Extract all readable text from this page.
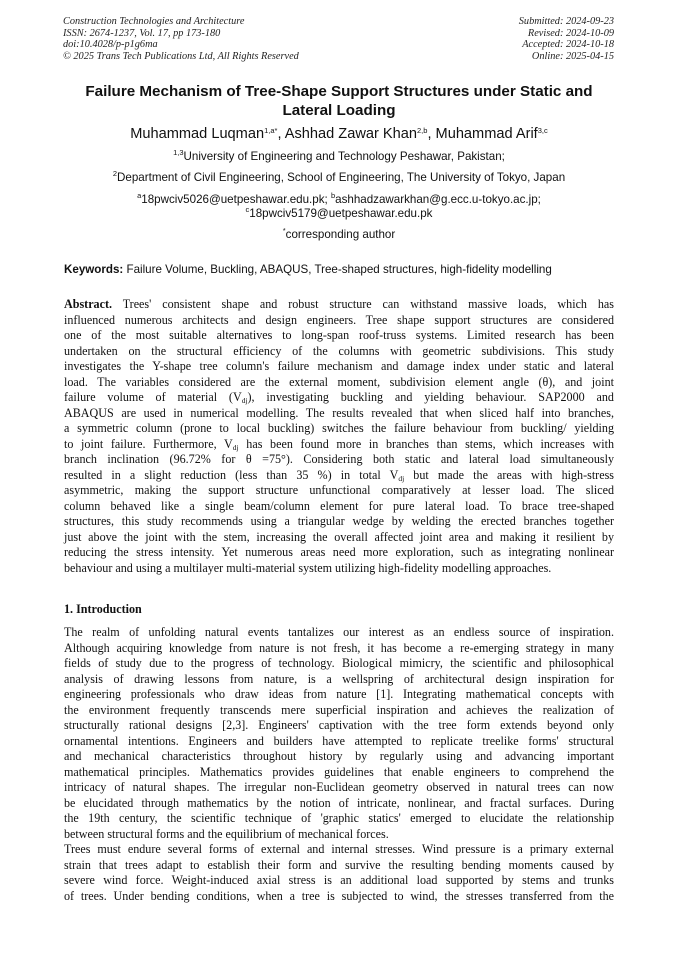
Construction Technologies and Architecture
ISSN: 2674-1237, Vol. 17, pp 173-180
doi:10.4028/p-p1g6ma
© 2025 Trans Tech Publications Ltd, All Rights Reserved
Submitted: 2024-09-23
Revised: 2024-10-09
Accepted: 2024-10-18
Online: 2025-04-15
Failure Mechanism of Tree-Shape Support Structures under Static and
Lateral Loading
Muhammad Luqman$^{1,a*}$, Ashhad Zawar Khan$^{2,b}$, Muhammad Arif$^{3,c}$
$^{1,3}$University of Engineering and Technology Peshawar, Pakistan;
$^2$Department of Civil Engineering, School of Engineering, The University of Tokyo, Japan
$^a$18pwciv5026@uetpeshawar.edu.pk; $^b$ashhadzawarkhan@g.ecc.u-tokyo.ac.jp;
$^c$18pwciv5179@uetpeshawar.edu.pk
*corresponding author
Keywords: Failure Volume, Buckling, ABAQUS, Tree-shaped structures, high-fidelity modelling
Abstract. Trees' consistent shape and robust structure can withstand massive loads, which has
influenced numerous architects and design engineers. Tree shape support structures are considered
one of the most suitable alternatives to long-span roof-truss systems. Limited research has been
undertaken on the structural efficiency of the columns with geometric subdivisions. This study
investigates the Y-shape tree column's failure mechanism and damage index under static and lateral
load. The variables considered are the external moment, subdivision element angle (θ), and joint
failure volume of material $(V_{dj})$, investigating buckling and yielding behaviour. SAP2000 and
ABAQUS are used in numerical modelling. The results revealed that when sliced half into branches,
a symmetric column (prone to local buckling) switches the failure behaviour from buckling/ yielding
to joint failure. Furthermore, $V_{dj}$ has been found more in branches than stems, which increases with
branch inclination (96.72% for θ =75°). Considering both static and lateral load simultaneously
resulted in a slight reduction (less than 35 %) in total $V_{dj}$ but made the areas with high-stress
asymmetric, making the support structure unfunctional comparatively at lesser load. The sliced
column behaved like a single beam/column element for pure lateral load. To brace tree-shaped
structures, this study recommends using a triangular wedge by welding the erected branches together
just above the joint with the stem, increasing the overall affected joint area and making it resilient by
reducing the stress intensity. Yet numerous areas need more exploration, such as integrating nonlinear
behaviour and using a multilayer multi-material system utilizing high-fidelity modelling approaches.
1. Introduction
The realm of unfolding natural events tantalizes our interest as an endless source of inspiration.
Although acquiring knowledge from nature is not fresh, it has become a re-emerging strategy in many
fields of study due to the progress of technology. Biological mimicry, the scientific and philosophical
analysis of drawing lessons from nature, is a wellspring of architectural design inspiration for
engineering professionals who draw ideas from nature [1]. Integrating mathematical concepts with
the environment frequently transcends mere superficial inspiration and achieves the realization of
structurally rational designs [2,3]. Engineers' captivation with the tree form extends beyond only
ornamental intentions. Engineers and builders have attempted to replicate treelike forms' structural
and mechanical characteristics throughout history by regularly using and advancing important
mathematical principles. Mathematics provides guidelines that enable engineers to comprehend the
intricacy of natural shapes. The irregular non-Euclidean geometry observed in natural trees can now
be elucidated through mathematics by the notion of intricate, nonlinear, and fractal surfaces. During
the 19th century, the scientific technique of 'graphic statics' emerged to elucidate the relationship
between structural forms and the equilibrium of mechanical forces.
Trees must endure several forms of external and internal stresses. Wind pressure is a primary external
strain that trees adapt to establish their form and survive the resulting bending moments caused by
severe wind force. Weight-induced axial stress is an additional load supported by stems and trunks
of trees. Under bending conditions, when a tree is subjected to wind, the stresses transferred from the
